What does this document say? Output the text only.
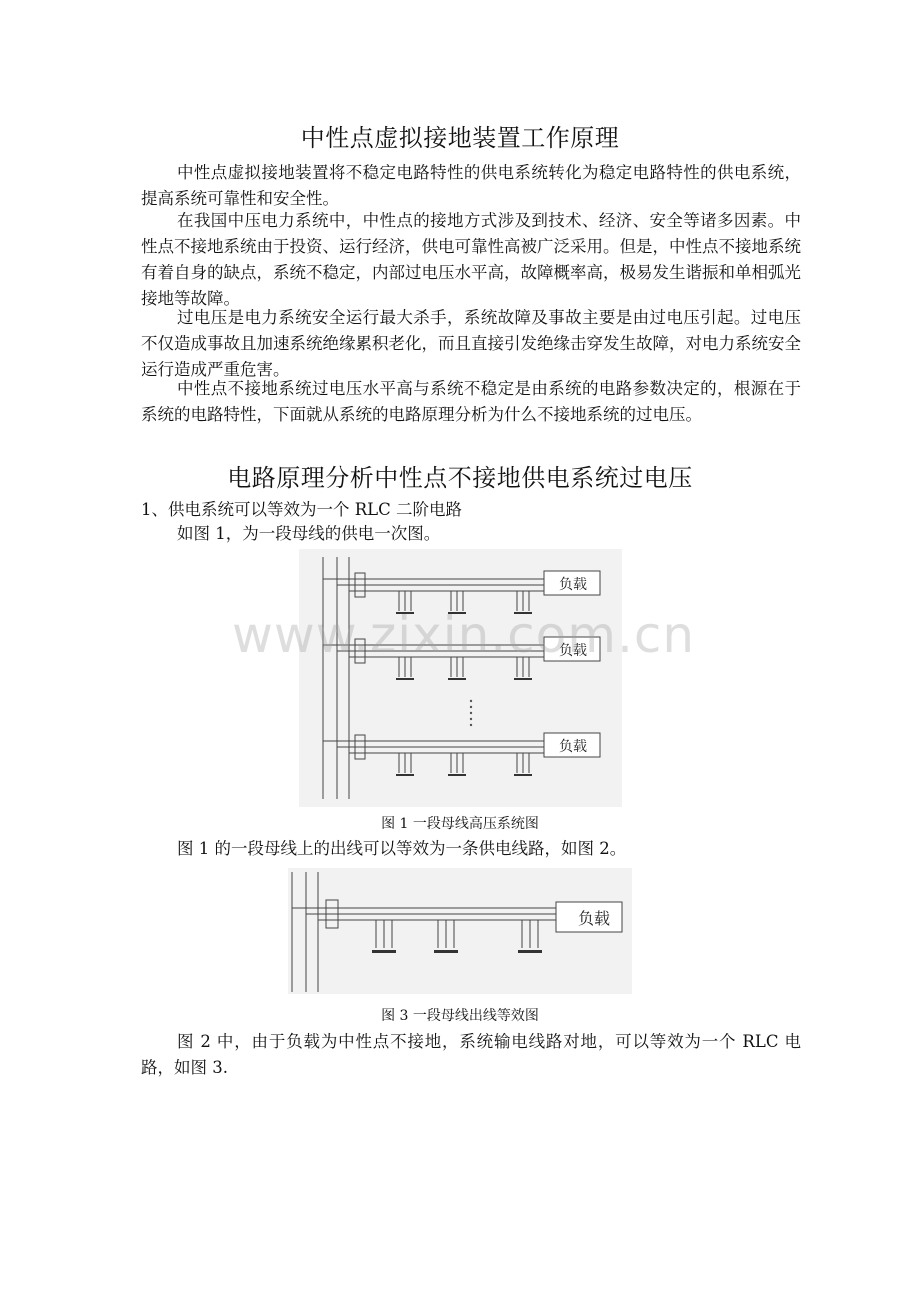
中性点虚拟接地装置工作原理
中性点虚拟接地装置将不稳定电路特性的供电系统转化为稳定电路特性的供电系统，提高系统可靠性和安全性。
在我国中压电力系统中，中性点的接地方式涉及到技术、经济、安全等诸多因素。中性点不接地系统由于投资、运行经济，供电可靠性高被广泛采用。但是，中性点不接地系统有着自身的缺点，系统不稳定，内部过电压水平高，故障概率高，极易发生谐振和单相弧光接地等故障。
过电压是电力系统安全运行最大杀手，系统故障及事故主要是由过电压引起。过电压不仅造成事故且加速系统绝缘累积老化，而且直接引发绝缘击穿发生故障，对电力系统安全运行造成严重危害。
中性点不接地系统过电压水平高与系统不稳定是由系统的电路参数决定的，根源在于系统的电路特性，下面就从系统的电路原理分析为什么不接地系统的过电压。
电路原理分析中性点不接地供电系统过电压
1、供电系统可以等效为一个 RLC 二阶电路
如图 1，为一段母线的供电一次图。
负载
图 1 一段母线高压系统图
图 1 的一段母线上的出线可以等效为一条供电线路，如图 2。
负载
图 3 一段母线出线等效图
图 2 中，由于负载为中性点不接地，系统输电线路对地，可以等效为一个 RLC 电路，如图 3.
www.zixin.com.cn
